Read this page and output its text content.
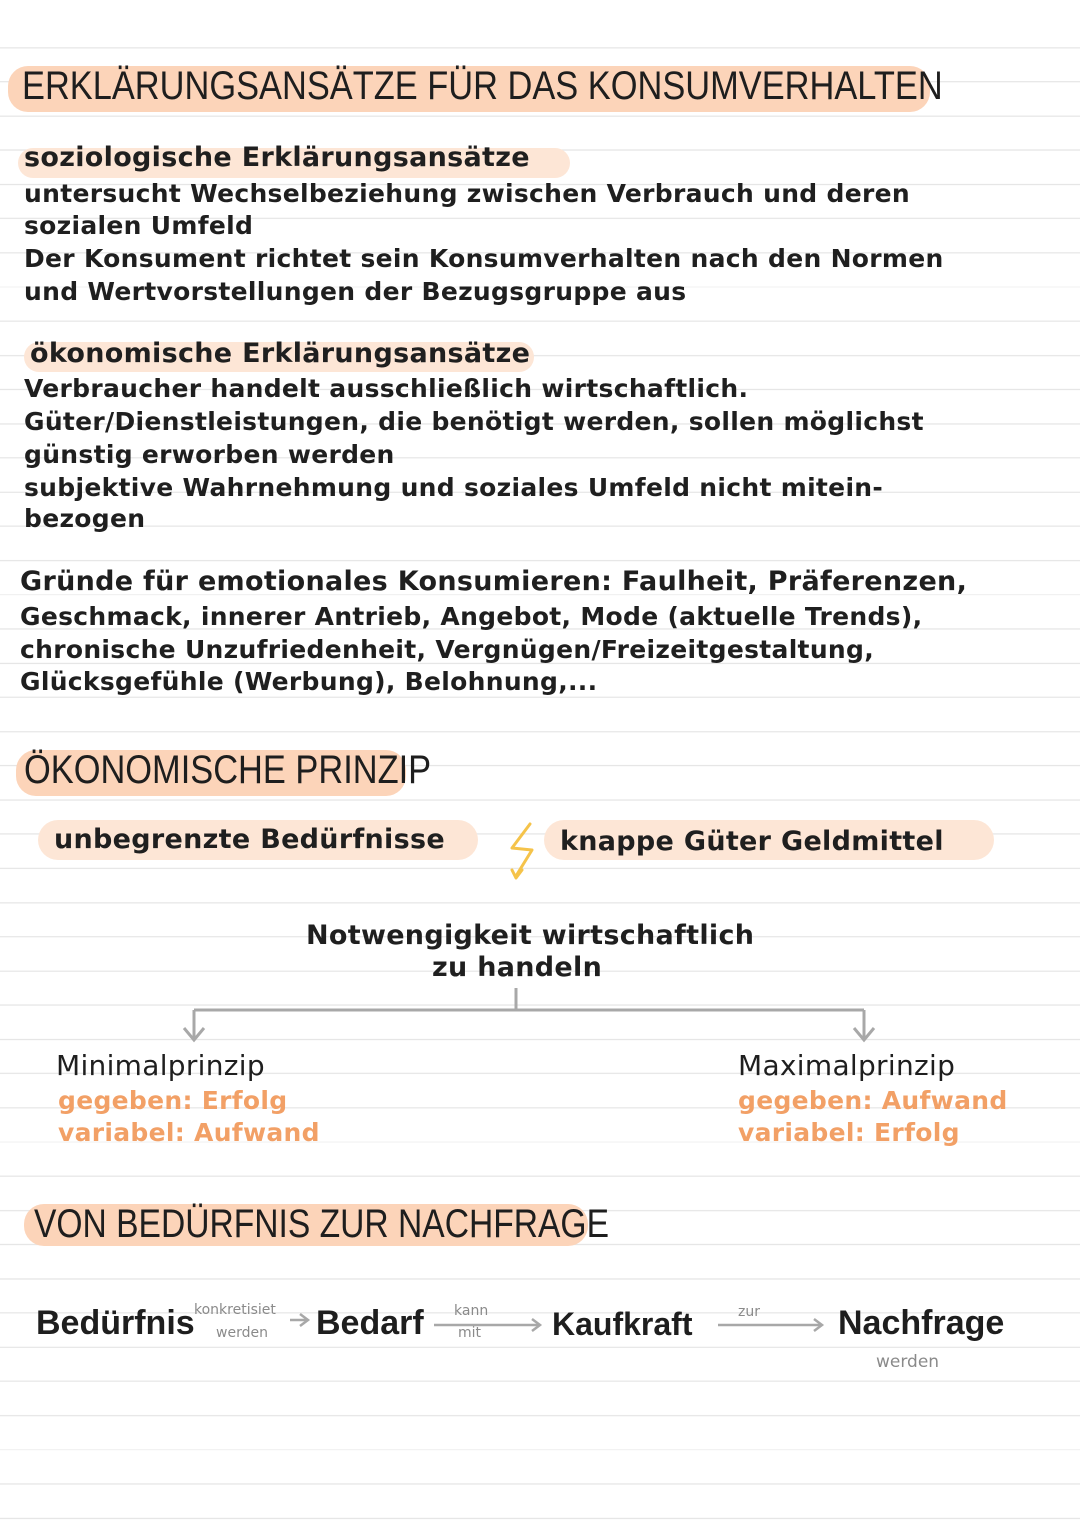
ERKLÄRUNGSANSÄTZE FÜR DAS KONSUMVERHALTEN
soziologische Erklärungsansätze
untersucht Wechselbeziehung zwischen Verbrauch und deren
sozialen Umfeld
Der Konsument richtet sein Konsumverhalten nach den Normen
und Wertvorstellungen der Bezugsgruppe aus
ökonomische Erklärungsansätze
Verbraucher handelt ausschließlich wirtschaftlich.
Güter/Dienstleistungen, die benötigt werden, sollen möglichst
günstig erworben werden
subjektive Wahrnehmung und soziales Umfeld nicht mitein-
bezogen
Gründe für emotionales Konsumieren: Faulheit, Präferenzen,
Geschmack, innerer Antrieb, Angebot, Mode (aktuelle Trends),
chronische Unzufriedenheit, Vergnügen/Freizeitgestaltung,
Glücksgefühle (Werbung), Belohnung,...
ÖKONOMISCHE PRINZIP
unbegrenzte Bedürfnisse	knappe Güter Geldmittel
Notwengigkeit wirtschaftlich
zu handeln
Minimalprinzip
gegeben: Erfolg
variabel: Aufwand
Maximalprinzip
gegeben: Aufwand
variabel: Erfolg
VON BEDÜRFNIS ZUR NACHFRAGE
Bedürfnis konkretisiet
werden Bedarf kann
mit Kaufkraft	zur Nachfrage
werden
